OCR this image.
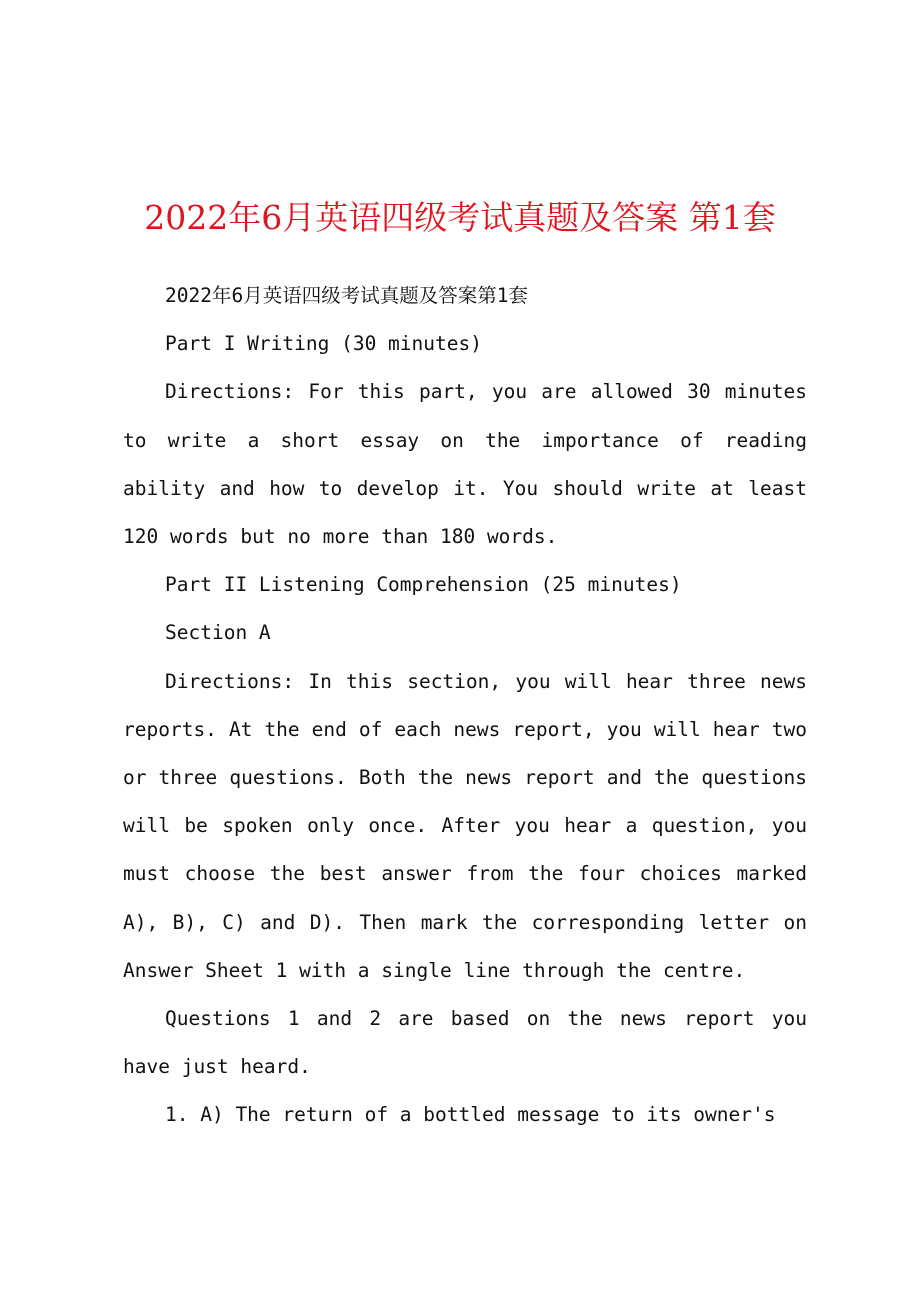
2022年6月英语四级考试真题及答案 第1套

2022年6月英语四级考试真题及答案第1套

Part I Writing (30 minutes)

Directions: For this part, you are allowed 30 minutes to write a short essay on the importance of reading ability and how to develop it. You should write at least 120 words but no more than 180 words.

Part II Listening Comprehension (25 minutes)

Section A

Directions: In this section, you will hear three news reports. At the end of each news report, you will hear two or three questions. Both the news report and the questions will be spoken only once. After you hear a question, you must choose the best answer from the four choices marked A), B), C) and D). Then mark the corresponding letter on Answer Sheet 1 with a single line through the centre.

Questions 1 and 2 are based on the news report you have just heard.

1. A) The return of a bottled message to its owner's
